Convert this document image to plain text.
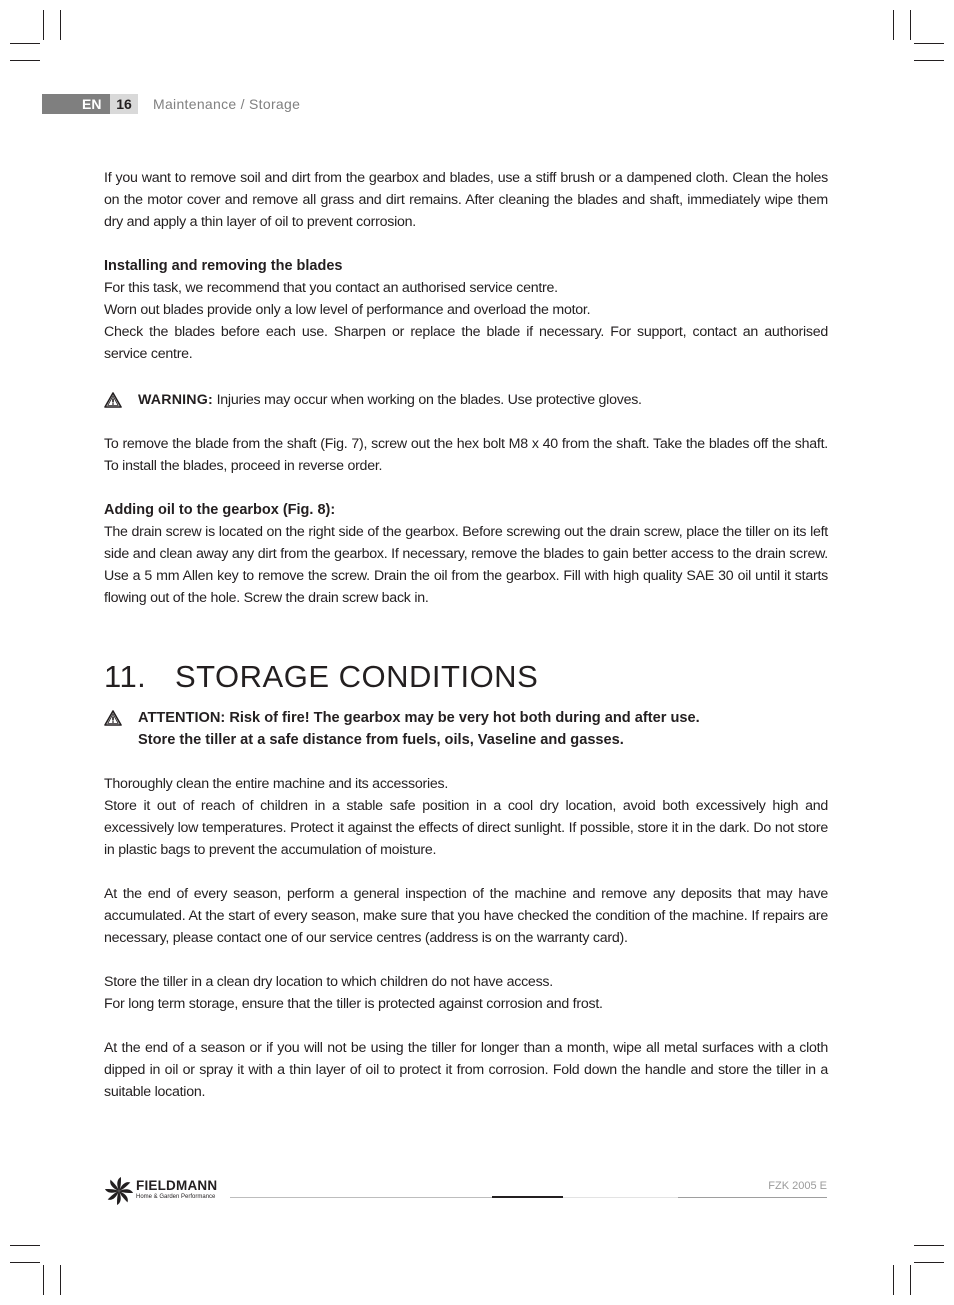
EN	16	Maintenance / Storage

If you want to remove soil and dirt from the gearbox and blades, use a stiff brush or a dampened cloth. Clean the holes on the motor cover and remove all grass and dirt remains. After cleaning the blades and shaft, immediately wipe them dry and apply a thin layer of oil to prevent corrosion.

Installing and removing the blades

For this task, we recommend that you contact an authorised service centre.

Worn out blades provide only a low level of performance and overload the motor.

Check the blades before each use. Sharpen or replace the blade if necessary. For support, contact an authorised service centre.

WARNING: Injuries may occur when working on the blades. Use protective gloves.

To remove the blade from the shaft (Fig. 7), screw out the hex bolt M8 x 40 from the shaft. Take the blades off the shaft. To install the blades, proceed in reverse order.

Adding oil to the gearbox (Fig. 8):

The drain screw is located on the right side of the gearbox. Before screwing out the drain screw, place the tiller on its left side and clean away any dirt from the gearbox. If necessary, remove the blades to gain better access to the drain screw. Use a 5 mm Allen key to remove the screw. Drain the oil from the gearbox. Fill with high quality SAE 30 oil until it starts flowing out of the hole. Screw the drain screw back in.

11. STORAGE CONDITIONS
ATTENTION: Risk of fire! The gearbox may be very hot both during and after use.
Store the tiller at a safe distance from fuels, oils, Vaseline and gasses.

Thoroughly clean the entire machine and its accessories.

Store it out of reach of children in a stable safe position in a cool dry location, avoid both excessively high and excessively low temperatures. Protect it against the effects of direct sunlight. If possible, store it in the dark. Do not store in plastic bags to prevent the accumulation of moisture.

At the end of every season, perform a general inspection of the machine and remove any deposits that may have accumulated. At the start of every season, make sure that you have checked the condition of the machine. If repairs are necessary, please contact one of our service centres (address is on the warranty card).

Store the tiller in a clean dry location to which children do not have access.

For long term storage, ensure that the tiller is protected against corrosion and frost.

At the end of a season or if you will not be using the tiller for longer than a month, wipe all metal surfaces with a cloth dipped in oil or spray it with a thin layer of oil to protect it from corrosion. Fold down the handle and store the tiller in a suitable location.

FIELDMANN
Home & Garden Performance
FZK 2005 E
